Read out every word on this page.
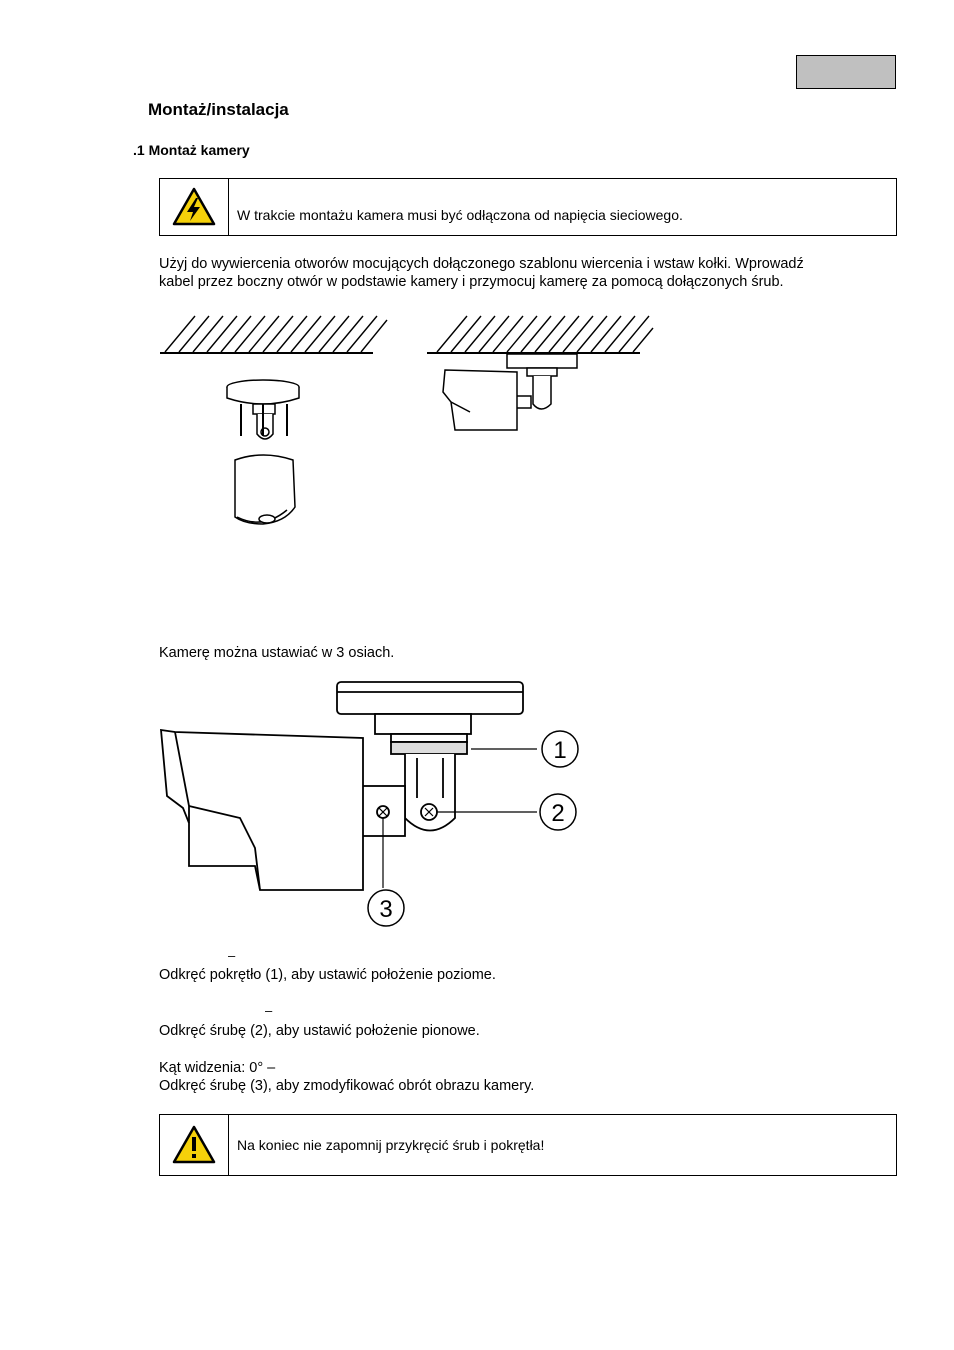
Montaż/instalacja
.1 Montaż kamery
W trakcie montażu kamera musi być odłączona od napięcia sieciowego.
Użyj do wywiercenia otworów mocujących dołączonego szablonu wiercenia i wstaw kołki. Wprowadź
kabel przez boczny otwór w podstawie kamery i przymocuj kamerę za pomocą dołączonych śrub.
Kamerę można ustawiać w 3 osiach.
1
2
3
–
Odkręć pokrętło (1), aby ustawić położenie poziome.
–
Odkręć śrubę (2), aby ustawić położenie pionowe.
Kąt widzenia: 0° –
Odkręć śrubę (3), aby zmodyfikować obrót obrazu kamery.
Na koniec nie zapomnij przykręcić śrub i pokrętła!
